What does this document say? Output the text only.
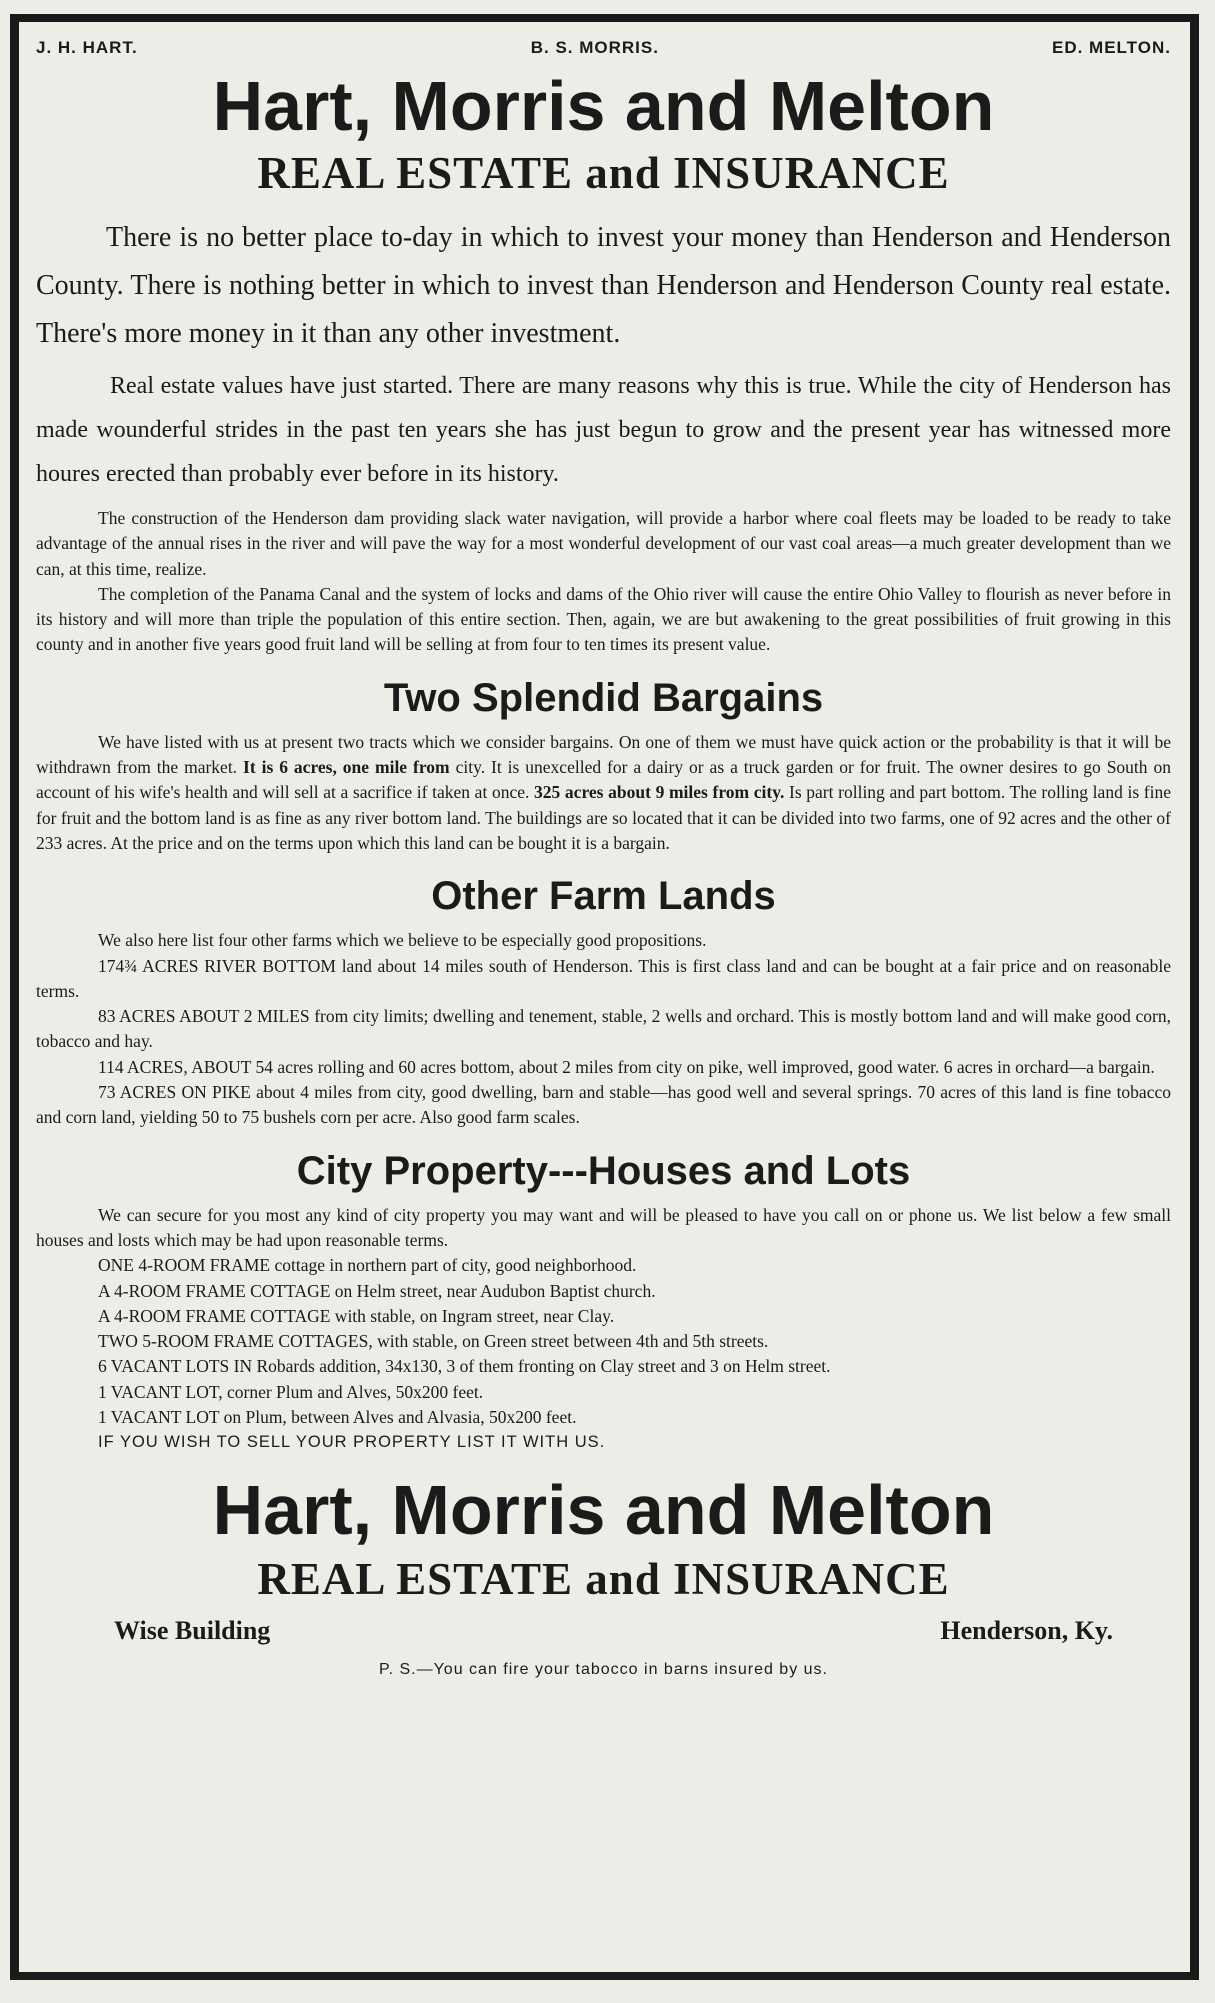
J. H. HART.	B. S. MORRIS.	ED. MELTON.
Hart, Morris and Melton
REAL ESTATE and INSURANCE

There is no better place to-day in which to invest your money than Henderson and Henderson County. There is nothing better in which to invest than Henderson and Henderson County real estate. There's more money in it than any other investment.

Real estate values have just started. There are many reasons why this is true. While the city of Henderson has made wounderful strides in the past ten years she has just begun to grow and the present year has witnessed more houres erected than probably ever before in its history.

The construction of the Henderson dam providing slack water navigation, will provide a harbor where coal fleets may be loaded to be ready to take advantage of the annual rises in the river and will pave the way for a most wonderful development of our vast coal areas—a much greater development than we can, at this time, realize.

The completion of the Panama Canal and the system of locks and dams of the Ohio river will cause the entire Ohio Valley to flourish as never before in its history and will more than triple the population of this entire section. Then, again, we are but awakening to the great possibilities of fruit growing in this county and in another five years good fruit land will be selling at from four to ten times its present value.

Two Splendid Bargains

We have listed with us at present two tracts which we consider bargains. On one of them we must have quick action or the probability is that it will be withdrawn from the market. It is 6 acres, one mile from city. It is unexcelled for a dairy or as a truck garden or for fruit. The owner desires to go South on account of his wife's health and will sell at a sacrifice if taken at once. 325 acres about 9 miles from city. Is part rolling and part bottom. The rolling land is fine for fruit and the bottom land is as fine as any river bottom land. The buildings are so located that it can be divided into two farms, one of 92 acres and the other of 233 acres. At the price and on the terms upon which this land can be bought it is a bargain.

Other Farm Lands

We also here list four other farms which we believe to be especially good propositions.

174¾ ACRES RIVER BOTTOM land about 14 miles south of Henderson. This is first class land and can be bought at a fair price and on reasonable terms.

83 ACRES ABOUT 2 MILES from city limits; dwelling and tenement, stable, 2 wells and orchard. This is mostly bottom land and will make good corn, tobacco and hay.

114 ACRES, ABOUT 54 acres rolling and 60 acres bottom, about 2 miles from city on pike, well improved, good water. 6 acres in orchard—a bargain.

73 ACRES ON PIKE about 4 miles from city, good dwelling, barn and stable—has good well and several springs. 70 acres of this land is fine tobacco and corn land, yielding 50 to 75 bushels corn per acre. Also good farm scales.

City Property---Houses and Lots

We can secure for you most any kind of city property you may want and will be pleased to have you call on or phone us. We list below a few small houses and losts which may be had upon reasonable terms.

ONE 4-ROOM FRAME cottage in northern part of city, good neighborhood.

A 4-ROOM FRAME COTTAGE on Helm street, near Audubon Baptist church.

A 4-ROOM FRAME COTTAGE with stable, on Ingram street, near Clay.

TWO 5-ROOM FRAME COTTAGES, with stable, on Green street between 4th and 5th streets.

6 VACANT LOTS IN Robards addition, 34x130, 3 of them fronting on Clay street and 3 on Helm street.

1 VACANT LOT, corner Plum and Alves, 50x200 feet.

1 VACANT LOT on Plum, between Alves and Alvasia, 50x200 feet.

IF YOU WISH TO SELL YOUR PROPERTY LIST IT WITH US.

Hart, Morris and Melton
REAL ESTATE and INSURANCE
Wise Building	Henderson, Ky.
P. S.—You can fire your tabocco in barns insured by us.
